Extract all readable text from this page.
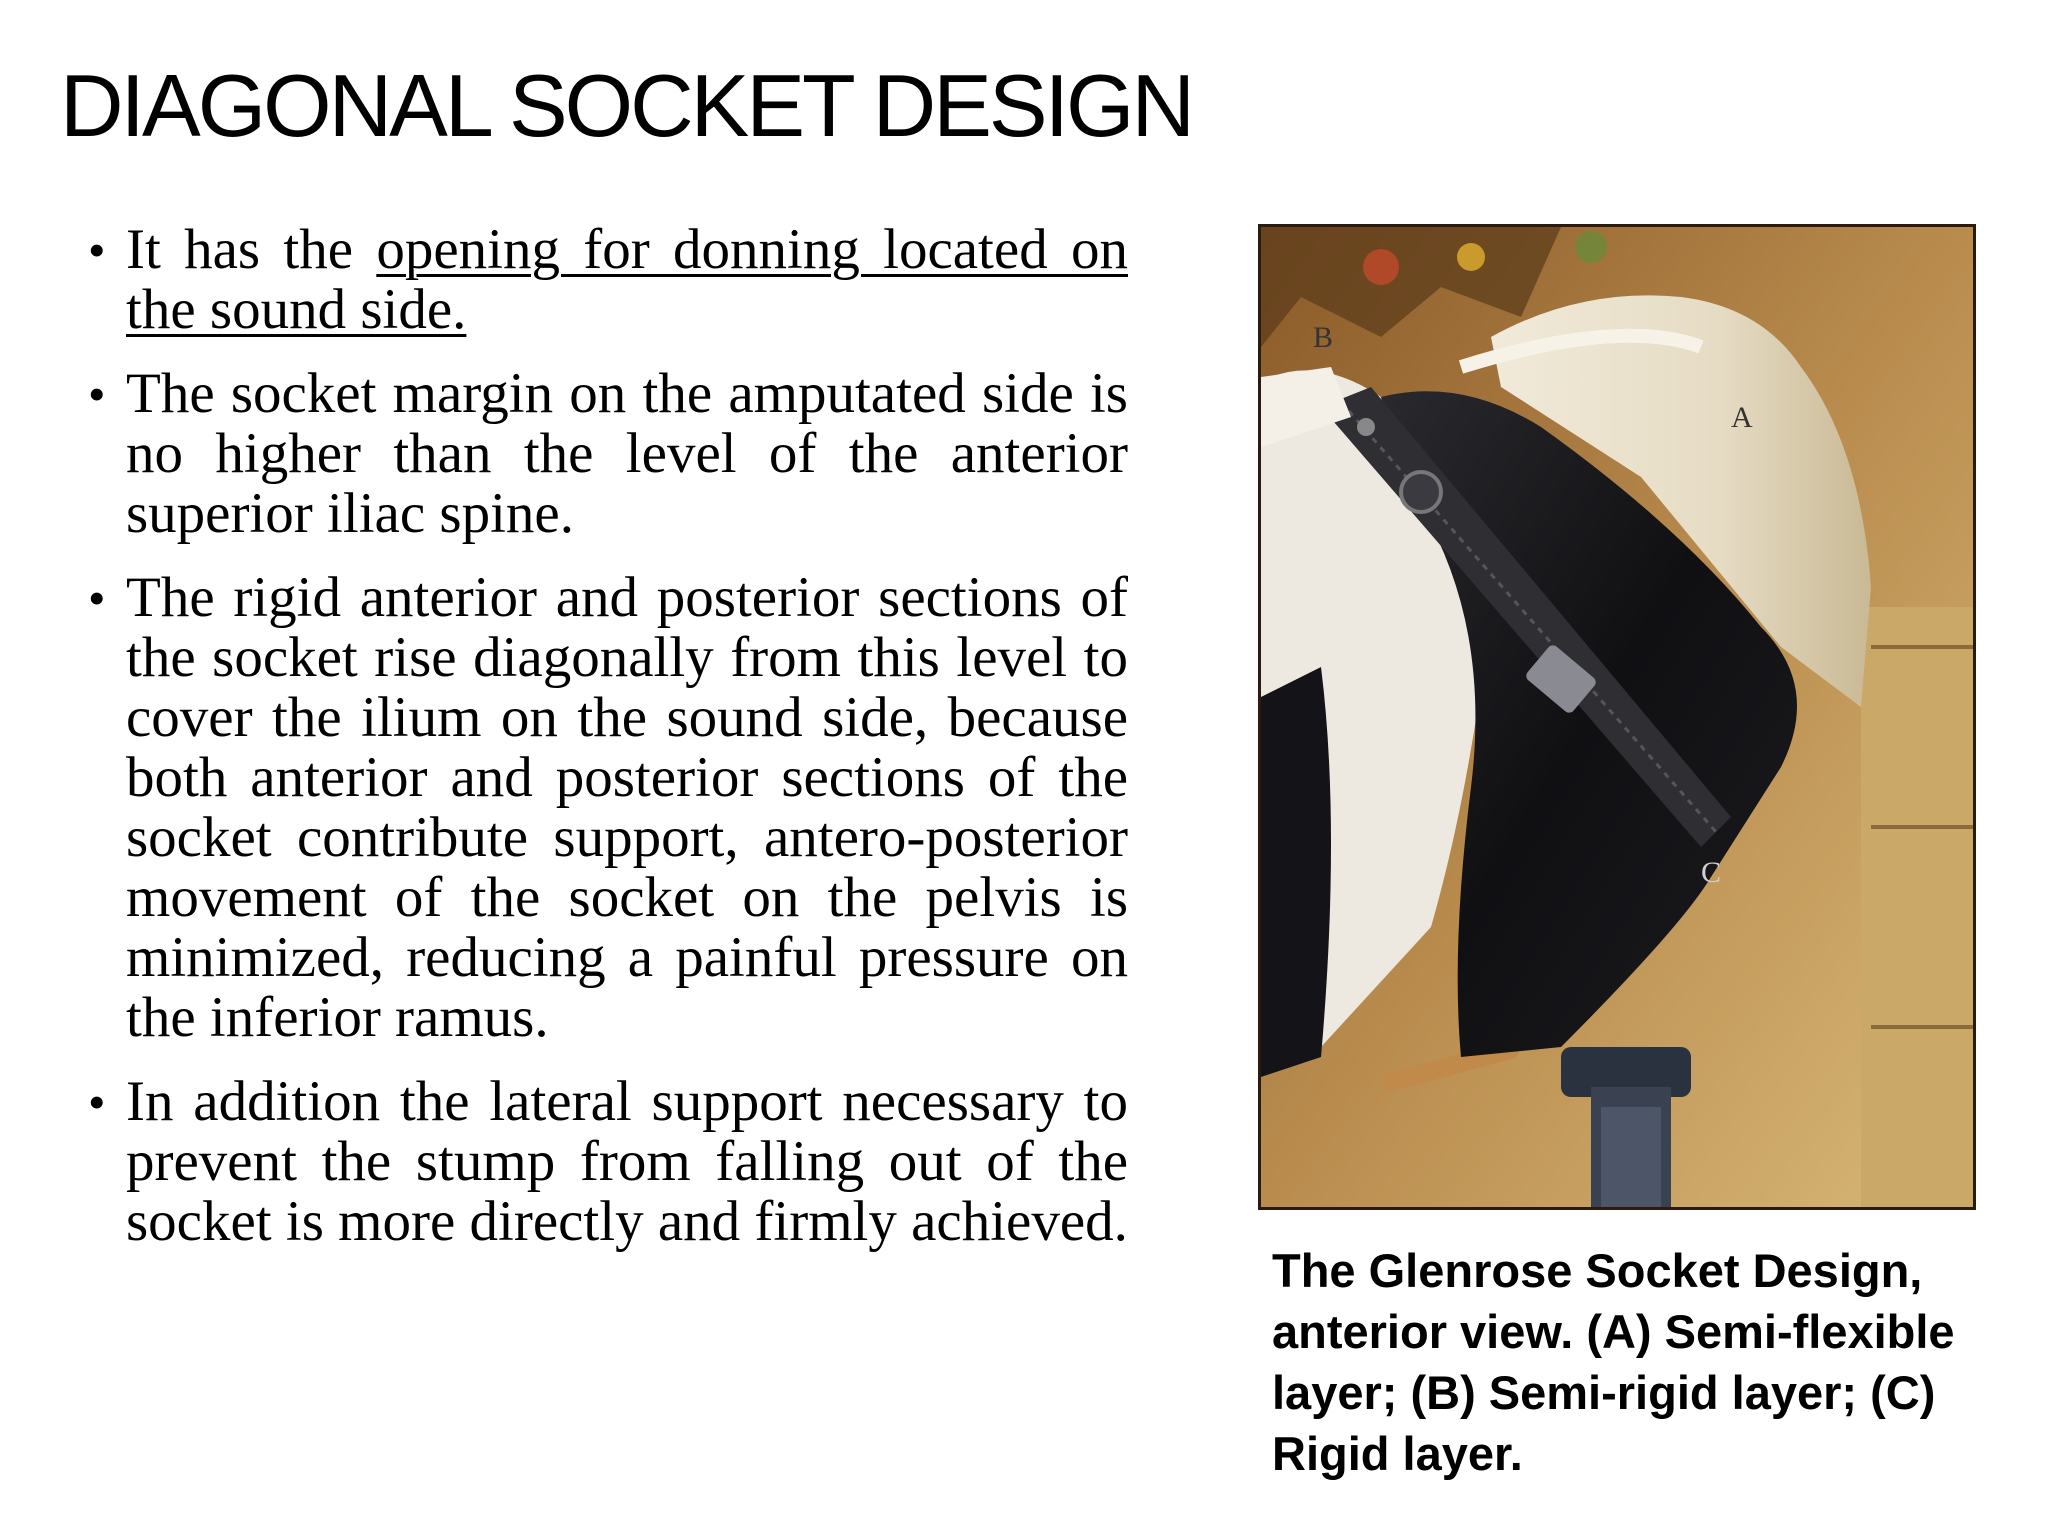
DIAGONAL SOCKET DESIGN
• It has the opening for donning located on the sound side.
• The socket margin on the amputated side is no higher than the level of the anterior superior iliac spine.
• The rigid anterior and posterior sections of the socket rise diagonally from this level to cover the ilium on the sound side, because both anterior and posterior sections of the socket contribute support, antero-posterior movement of the socket on the pelvis is minimized, reducing a painful pressure on the inferior ramus.
• In addition the lateral support necessary to prevent the stump from falling out of the socket is more directly and firmly achieved.
B
A
C

The Glenrose Socket Design, anterior view. (A) Semi-flexible layer; (B) Semi-rigid layer; (C) Rigid layer.
